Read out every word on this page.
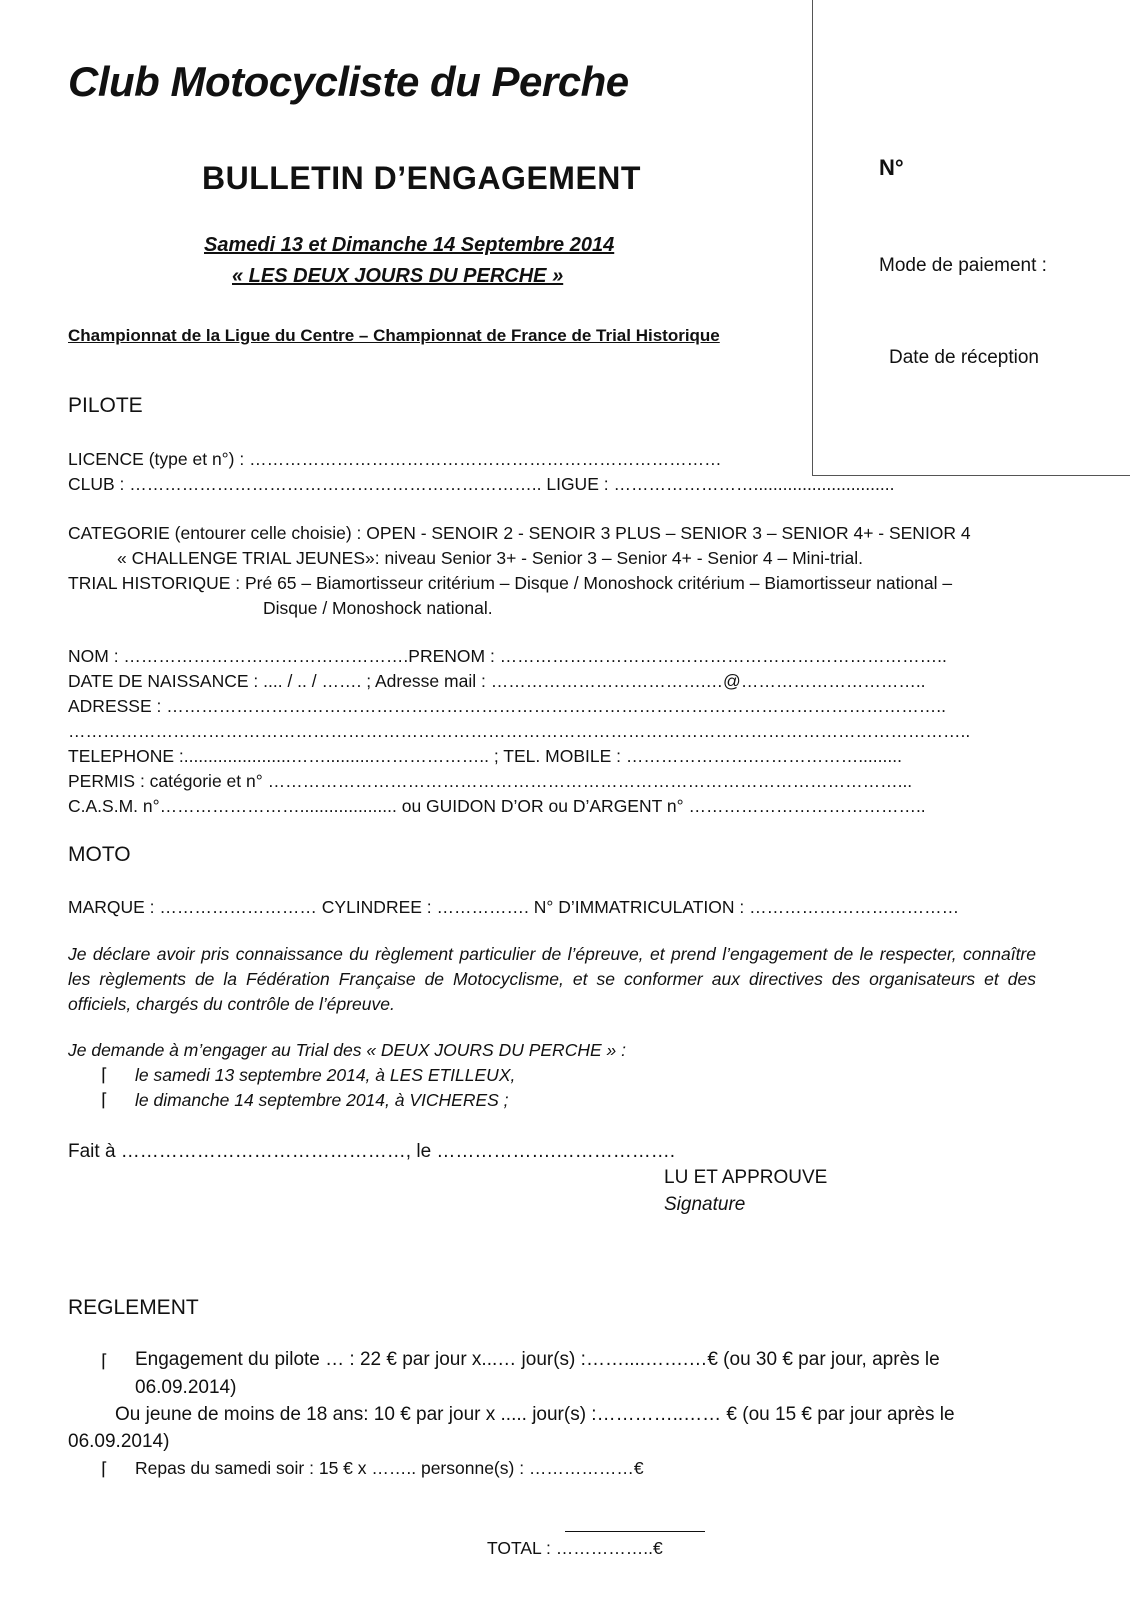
Club Motocycliste du Perche
BULLETIN D’ENGAGEMENT
Samedi 13 et Dimanche 14 Septembre 2014
« LES DEUX JOURS DU PERCHE »
Championnat de la Ligue du Centre – Championnat de France de Trial Historique
N°
Mode de paiement :
Date de réception
PILOTE
LICENCE (type et n°) : ………………………………………………………………………
CLUB : …………………………………………………………….. LIGUE : …………………….............................
CATEGORIE (entourer celle choisie) : OPEN - SENOIR 2 - SENOIR 3 PLUS – SENIOR 3 – SENIOR 4+ - SENIOR 4
« CHALLENGE TRIAL JEUNES»: niveau Senior 3+ - Senior 3 – Senior 4+ - Senior 4 – Mini-trial.
TRIAL HISTORIQUE : Pré 65 – Biamortisseur critérium – Disque / Monoshock critérium – Biamortisseur national –
Disque / Monoshock national.
NOM : ………………………………………….PRENOM : …………………………………………………………………..
DATE DE NAISSANCE : .... / .. / ……. ; Adresse mail : ……………………………….…@…………………………..
ADRESSE : ……………………………………………………………………………………………………………………..
………………………………………………………………………………………………………………………………………..
TELEPHONE :......................……..........……………….. ; TEL. MOBILE : ………………….……………….........
PERMIS : catégorie et n° ………………………………………………………………………………………………...
C.A.S.M. n°…………………….................... ou GUIDON D’OR ou D’ARGENT n° …………………………………..
MOTO
MARQUE : ……………………… CYLINDREE : ……………. N° D’IMMATRICULATION : ………………………………
Je déclare avoir pris connaissance du règlement particulier de l’épreuve, et prend l’engagement de le respecter, connaître les règlements de la Fédération Française de Motocyclisme, et se conformer aux directives des organisateurs et des officiels, chargés du contrôle de l’épreuve.
Je demande à m’engager au Trial des « DEUX JOURS DU PERCHE » :
⌈ le samedi 13 septembre 2014, à LES ETILLEUX,
⌈ le dimanche 14 septembre 2014, à VICHERES ;
Fait à ………………………………………, le ……………….……………….
LU ET APPROUVE
Signature
REGLEMENT
⌈ Engagement du pilote … : 22 € par jour x...… jour(s) :……....…….…€ (ou 30 € par jour, après le
06.09.2014)
Ou jeune de moins de 18 ans: 10 € par jour x ..... jour(s) :…………..…… € (ou 15 € par jour après le
06.09.2014)
⌈ Repas du samedi soir : 15 € x …….. personne(s) : ………………€
TOTAL : ……………..€
